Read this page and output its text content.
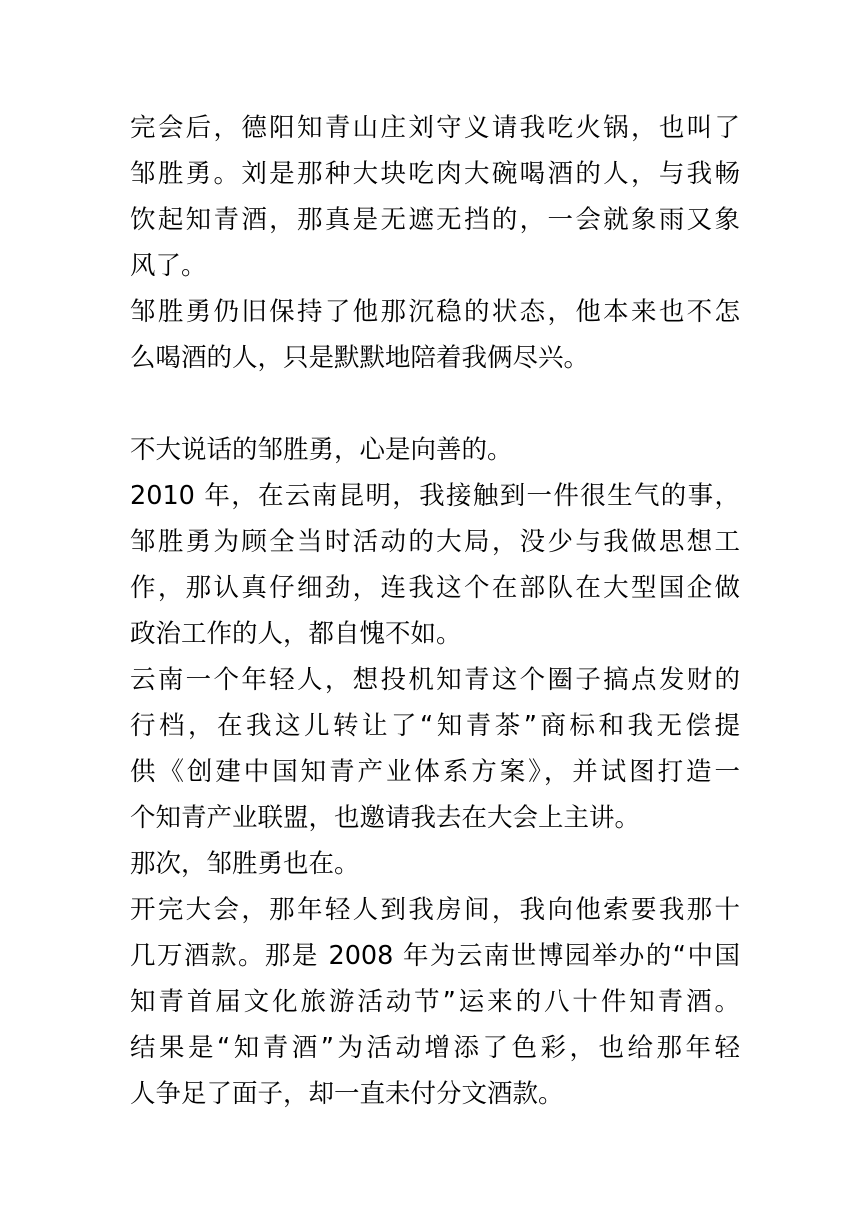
完会后，德阳知青山庄刘守义请我吃火锅，也叫了
邹胜勇。刘是那种大块吃肉大碗喝酒的人，与我畅
饮起知青酒，那真是无遮无挡的，一会就象雨又象
风了。
邹胜勇仍旧保持了他那沉稳的状态，他本来也不怎
么喝酒的人，只是默默地陪着我俩尽兴。
不大说话的邹胜勇，心是向善的。
2010 年，在云南昆明，我接触到一件很生气的事，
邹胜勇为顾全当时活动的大局，没少与我做思想工
作，那认真仔细劲，连我这个在部队在大型国企做
政治工作的人，都自愧不如。
云南一个年轻人，想投机知青这个圈子搞点发财的
行档，在我这儿转让了“知青茶”商标和我无偿提
供《创建中国知青产业体系方案》，并试图打造一
个知青产业联盟，也邀请我去在大会上主讲。
那次，邹胜勇也在。
开完大会，那年轻人到我房间，我向他索要我那十
几万酒款。那是 2008 年为云南世博园举办的“中国
知青首届文化旅游活动节”运来的八十件知青酒。
结果是“知青酒”为活动增添了色彩，也给那年轻
人争足了面子，却一直未付分文酒款。
